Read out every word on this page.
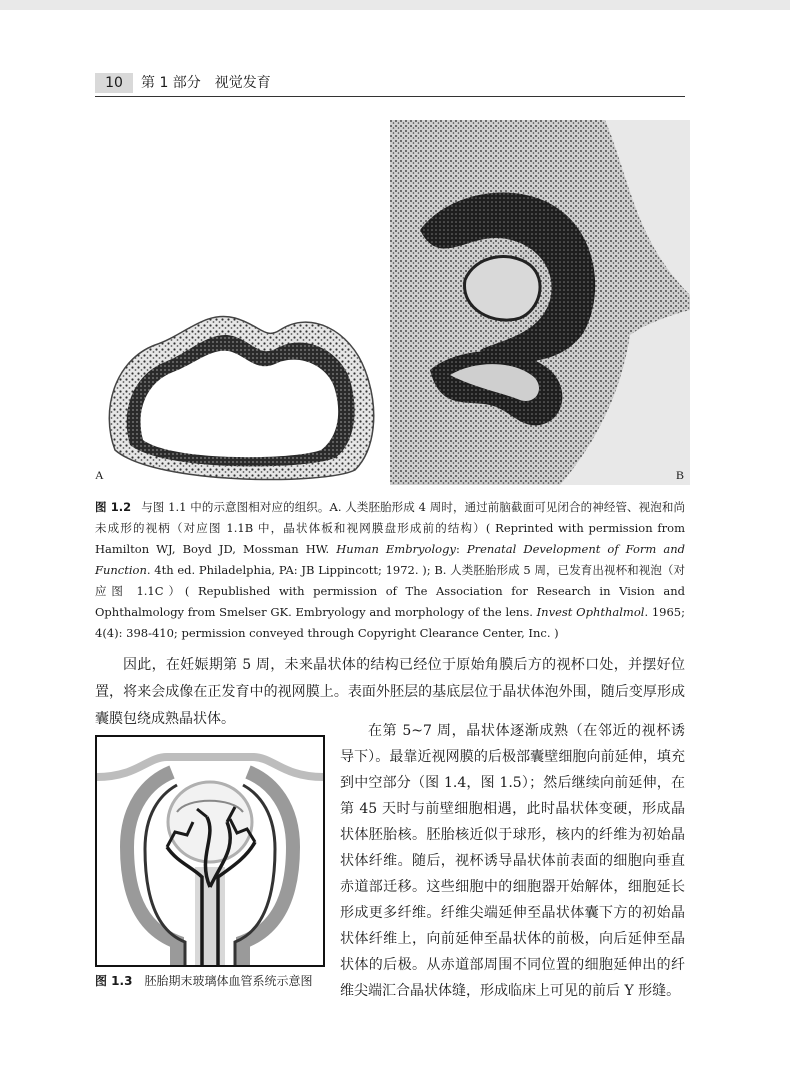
10	第 1 部分　视觉发育
A	B
图 1.2 与图 1.1 中的示意图相对应的组织。A. 人类胚胎形成 4 周时，通过前脑截面可见闭合的神经管、视泡和尚未成形的视柄（对应图 1.1B 中，晶状体板和视网膜盘形成前的结构）( Reprinted with permission from Hamilton WJ, Boyd JD, Mossman HW. Human Embryology: Prenatal Development of Form and Function. 4th ed. Philadelphia, PA: JB Lippincott; 1972. ); B. 人类胚胎形成 5 周，已发育出视杯和视泡（对应图 1.1C）( Republished with permission of The Association for Research in Vision and Ophthalmology from Smelser GK. Embryology and morphology of the lens. Invest Ophthalmol. 1965; 4(4): 398-410; permission conveyed through Copyright Clearance Center, Inc. )
因此，在妊娠期第 5 周，未来晶状体的结构已经位于原始角膜后方的视杯口处，并摆好位置，将来会成像在正发育中的视网膜上。表面外胚层的基底层位于晶状体泡外围，随后变厚形成囊膜包绕成熟晶状体。
图 1.3 胚胎期末玻璃体血管系统示意图
在第 5~7 周，晶状体逐渐成熟（在邻近的视杯诱导下）。最靠近视网膜的后极部囊壁细胞向前延伸，填充到中空部分（图 1.4，图 1.5）；然后继续向前延伸，在第 45 天时与前壁细胞相遇，此时晶状体变硬，形成晶状体胚胎核。胚胎核近似于球形，核内的纤维为初始晶状体纤维。随后，视杯诱导晶状体前表面的细胞向垂直赤道部迁移。这些细胞中的细胞器开始解体，细胞延长形成更多纤维。纤维尖端延伸至晶状体囊下方的初始晶状体纤维上，向前延伸至晶状体的前极，向后延伸至晶状体的后极。从赤道部周围不同位置的细胞延伸出的纤维尖端汇合晶状体缝，形成临床上可见的前后 Y 形缝。
